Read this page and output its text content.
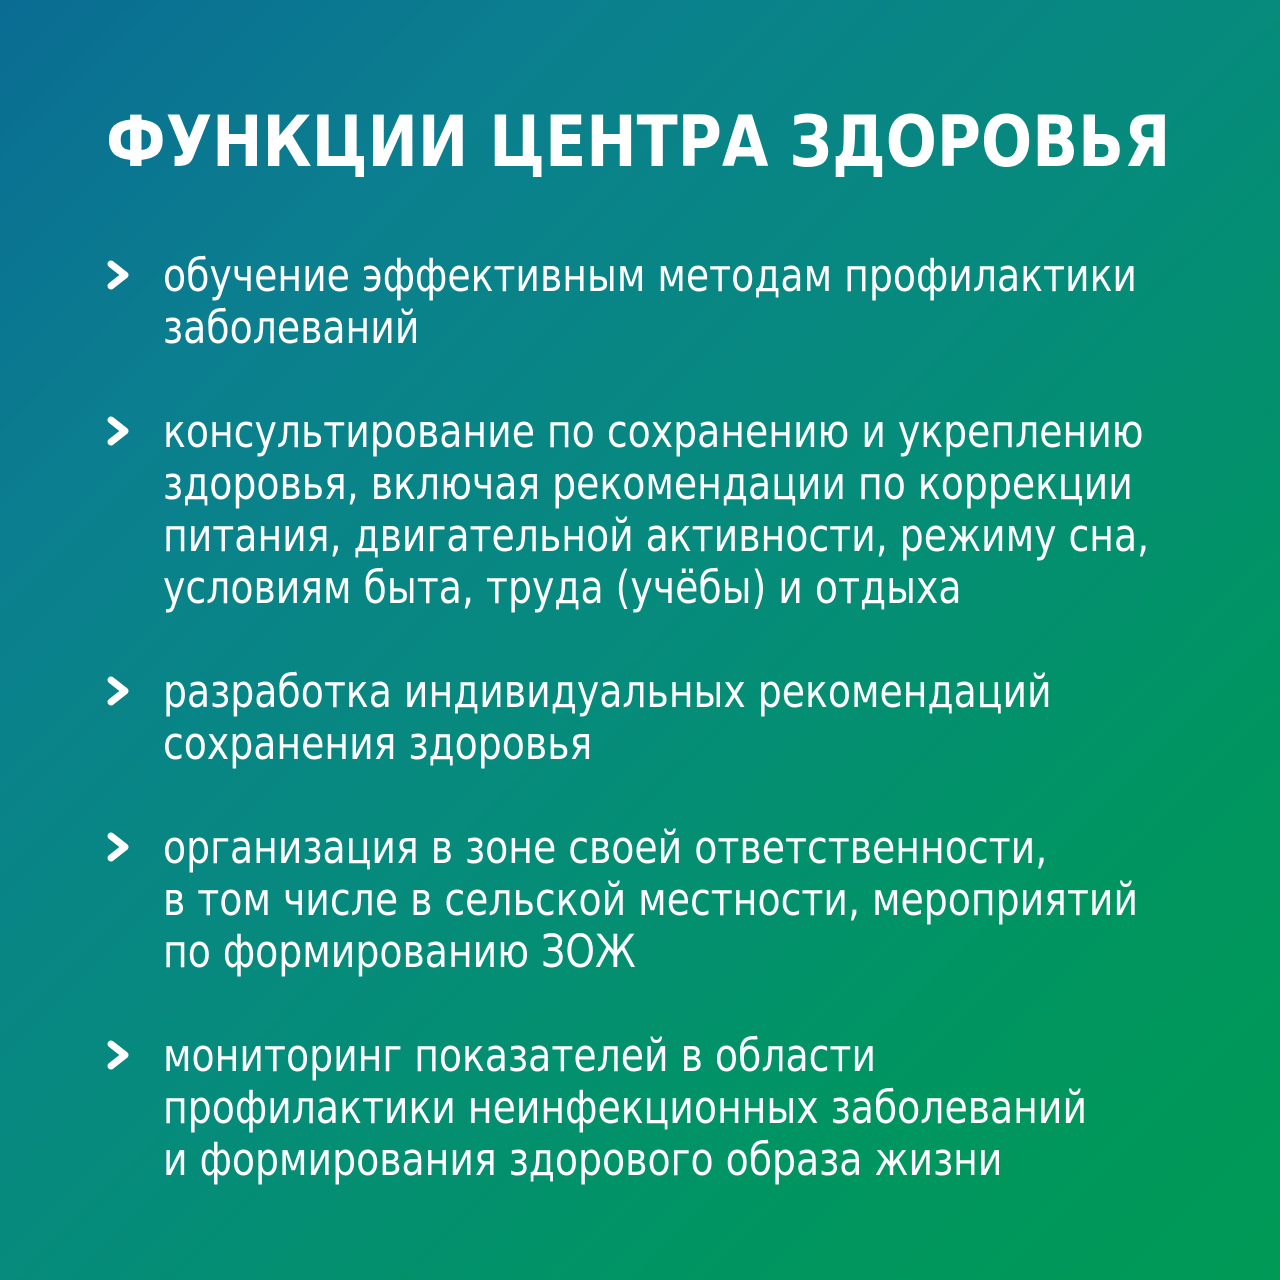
ФУНКЦИИ ЦЕНТРА ЗДОРОВЬЯ
обучение эффективным методам профилактики
заболеваний
консультирование по сохранению и укреплению
здоровья, включая рекомендации по коррекции
питания, двигательной активности, режиму сна,
условиям быта, труда (учёбы) и отдыха
разработка индивидуальных рекомендаций
сохранения здоровья
организация в зоне своей ответственности,
в том числе в сельской местности, мероприятий
по формированию ЗОЖ
мониторинг показателей в области
профилактики неинфекционных заболеваний
и формирования здорового образа жизни
